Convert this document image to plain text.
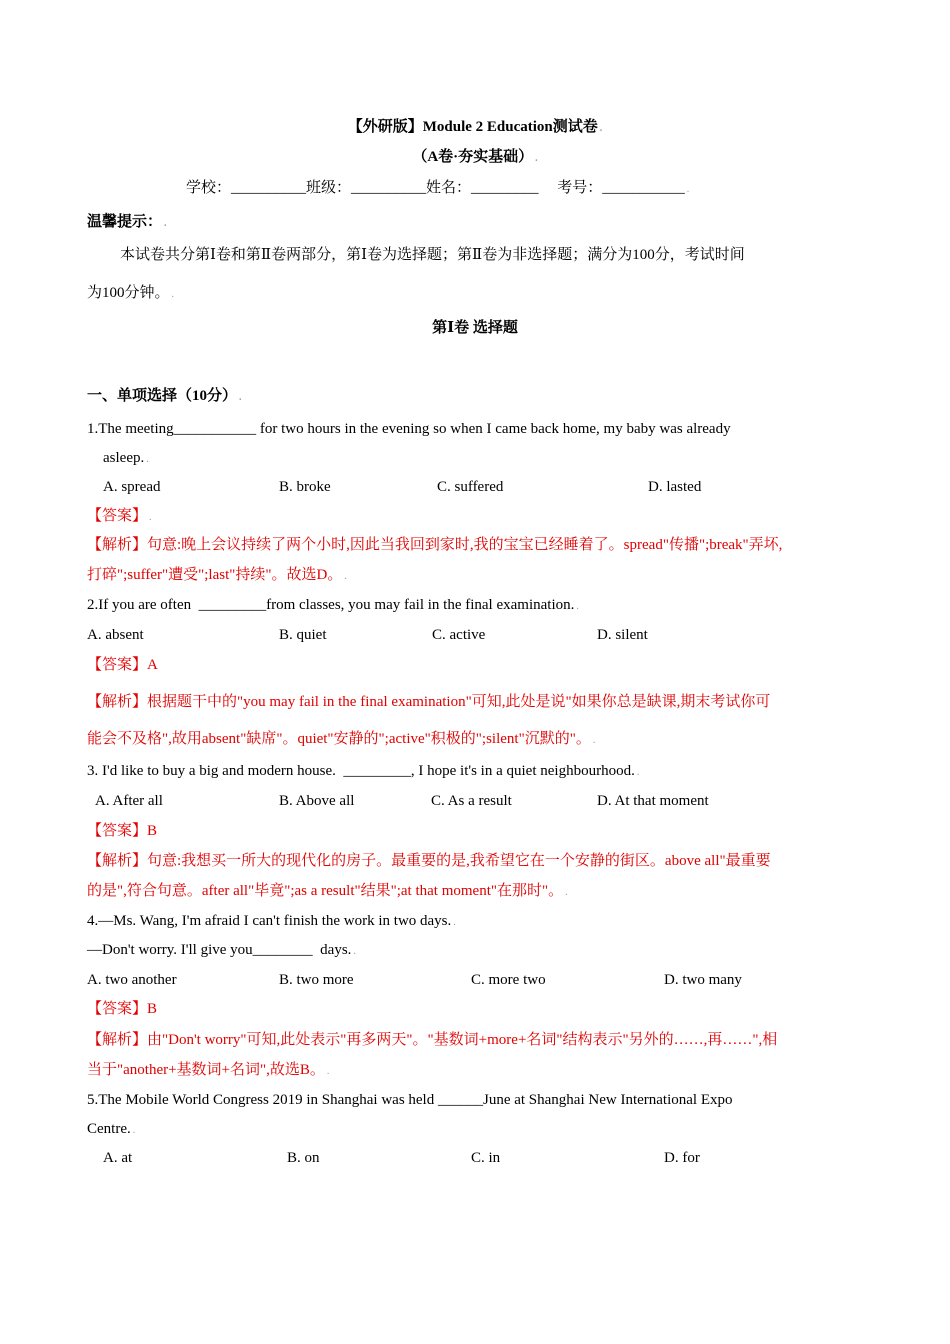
【外研版】Module 2 Education测试卷 .
（A卷·夯实基础） .
学校：__________班级：__________姓名：_________     考号：___________ .
温馨提示： .
本试卷共分第Ⅰ卷和第Ⅱ卷两部分，第Ⅰ卷为选择题；第Ⅱ卷为非选择题；满分为100分，考试时间
为100分钟。 .
第Ⅰ卷 选择题
一、单项选择（10分） .
1.The meeting___________ for two hours in the evening so when I came back home, my baby was already
asleep. .
A. spread	B. broke	C. suffered	D. lasted
【答案】 .
【解析】句意:晚上会议持续了两个小时,因此当我回到家时,我的宝宝已经睡着了。spread"传播";break"弄坏,
打碎";suffer"遭受";last"持续"。故选D。 .
2.If you are often  _________from classes, you may fail in the final examination. .
A. absent	B. quiet	C. active	D. silent
【答案】A
【解析】根据题干中的"you may fail in the final examination"可知,此处是说"如果你总是缺课,期末考试你可
能会不及格",故用absent"缺席"。quiet"安静的";active"积极的";silent"沉默的"。 .
3. I'd like to buy a big and modern house.  _________, I hope it's in a quiet neighbourhood. .
A. After all	B. Above all	C. As a result	D. At that moment
【答案】B
【解析】句意:我想买一所大的现代化的房子。最重要的是,我希望它在一个安静的街区。above all"最重要
的是",符合句意。after all"毕竟";as a result"结果";at that moment"在那时"。 .
4.—Ms. Wang, I'm afraid I can't finish the work in two days. .
—Don't worry. I'll give you________  days. .
A. two another	B. two more	C. more two	D. two many
【答案】B
【解析】由"Don't worry"可知,此处表示"再多两天"。"基数词+more+名词"结构表示"另外的……,再……",相
当于"another+基数词+名词",故选B。 .
5.The Mobile World Congress 2019 in Shanghai was held ______June at Shanghai New International Expo
Centre. .
A. at	B. on	C. in	D. for
